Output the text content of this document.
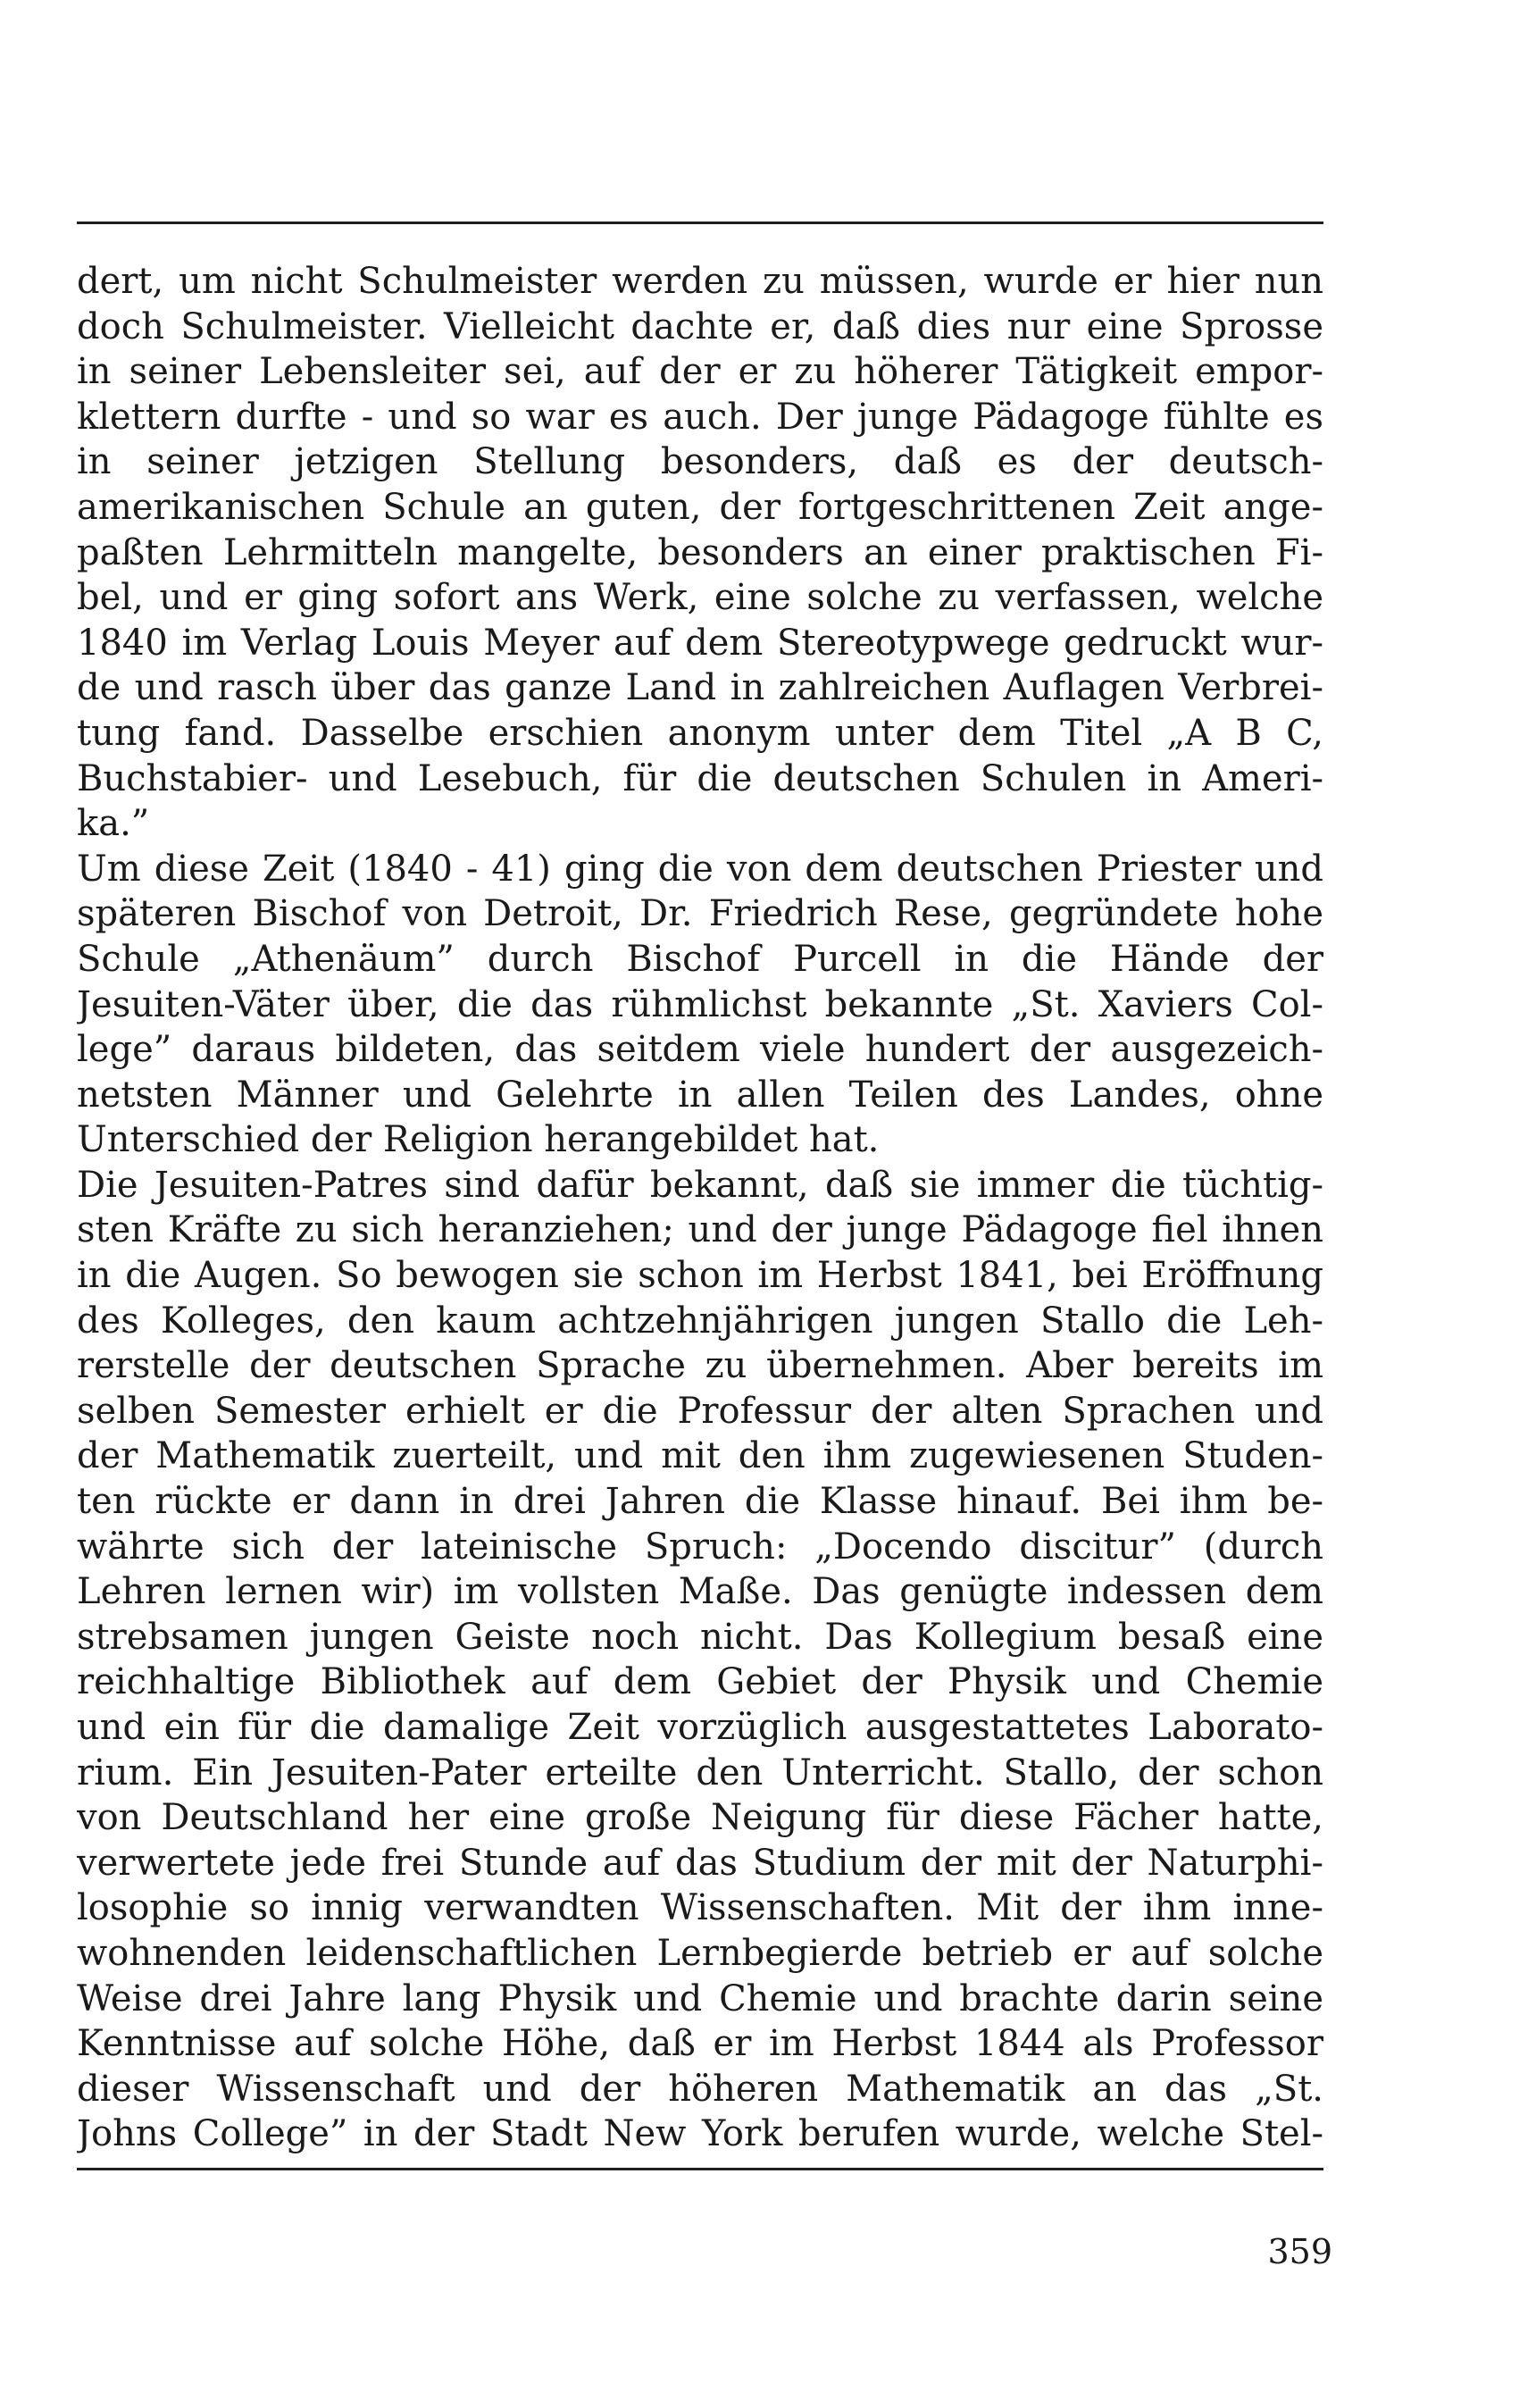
dert, um nicht Schulmeister werden zu müssen, wurde er hier nun
doch Schulmeister. Vielleicht dachte er, daß dies nur eine Sprosse
in seiner Lebensleiter sei, auf der er zu höherer Tätigkeit empor-
klettern durfte - und so war es auch. Der junge Pädagoge fühlte es
in seiner jetzigen Stellung besonders, daß es der deutsch-
amerikanischen Schule an guten, der fortgeschrittenen Zeit ange-
paßten Lehrmitteln mangelte, besonders an einer praktischen Fi-
bel, und er ging sofort ans Werk, eine solche zu verfassen, welche
1840 im Verlag Louis Meyer auf dem Stereotypwege gedruckt wur-
de und rasch über das ganze Land in zahlreichen Auflagen Verbrei-
tung fand. Dasselbe erschien anonym unter dem Titel „A B C,
Buchstabier- und Lesebuch, für die deutschen Schulen in Ameri-
ka.”
Um diese Zeit (1840 - 41) ging die von dem deutschen Priester und
späteren Bischof von Detroit, Dr. Friedrich Rese, gegründete hohe
Schule „Athenäum” durch Bischof Purcell in die Hände der
Jesuiten-Väter über, die das rühmlichst bekannte „St. Xaviers Col-
lege” daraus bildeten, das seitdem viele hundert der ausgezeich-
netsten Männer und Gelehrte in allen Teilen des Landes, ohne
Unterschied der Religion herangebildet hat.
Die Jesuiten-Patres sind dafür bekannt, daß sie immer die tüchtig-
sten Kräfte zu sich heranziehen; und der junge Pädagoge fiel ihnen
in die Augen. So bewogen sie schon im Herbst 1841, bei Eröffnung
des Kolleges, den kaum achtzehnjährigen jungen Stallo die Leh-
rerstelle der deutschen Sprache zu übernehmen. Aber bereits im
selben Semester erhielt er die Professur der alten Sprachen und
der Mathematik zuerteilt, und mit den ihm zugewiesenen Studen-
ten rückte er dann in drei Jahren die Klasse hinauf. Bei ihm be-
währte sich der lateinische Spruch: „Docendo discitur” (durch
Lehren lernen wir) im vollsten Maße. Das genügte indessen dem
strebsamen jungen Geiste noch nicht. Das Kollegium besaß eine
reichhaltige Bibliothek auf dem Gebiet der Physik und Chemie
und ein für die damalige Zeit vorzüglich ausgestattetes Laborato-
rium. Ein Jesuiten-Pater erteilte den Unterricht. Stallo, der schon
von Deutschland her eine große Neigung für diese Fächer hatte,
verwertete jede frei Stunde auf das Studium der mit der Naturphi-
losophie so innig verwandten Wissenschaften. Mit der ihm inne-
wohnenden leidenschaftlichen Lernbegierde betrieb er auf solche
Weise drei Jahre lang Physik und Chemie und brachte darin seine
Kenntnisse auf solche Höhe, daß er im Herbst 1844 als Professor
dieser Wissenschaft und der höheren Mathematik an das „St.
Johns College” in der Stadt New York berufen wurde, welche Stel-
359
